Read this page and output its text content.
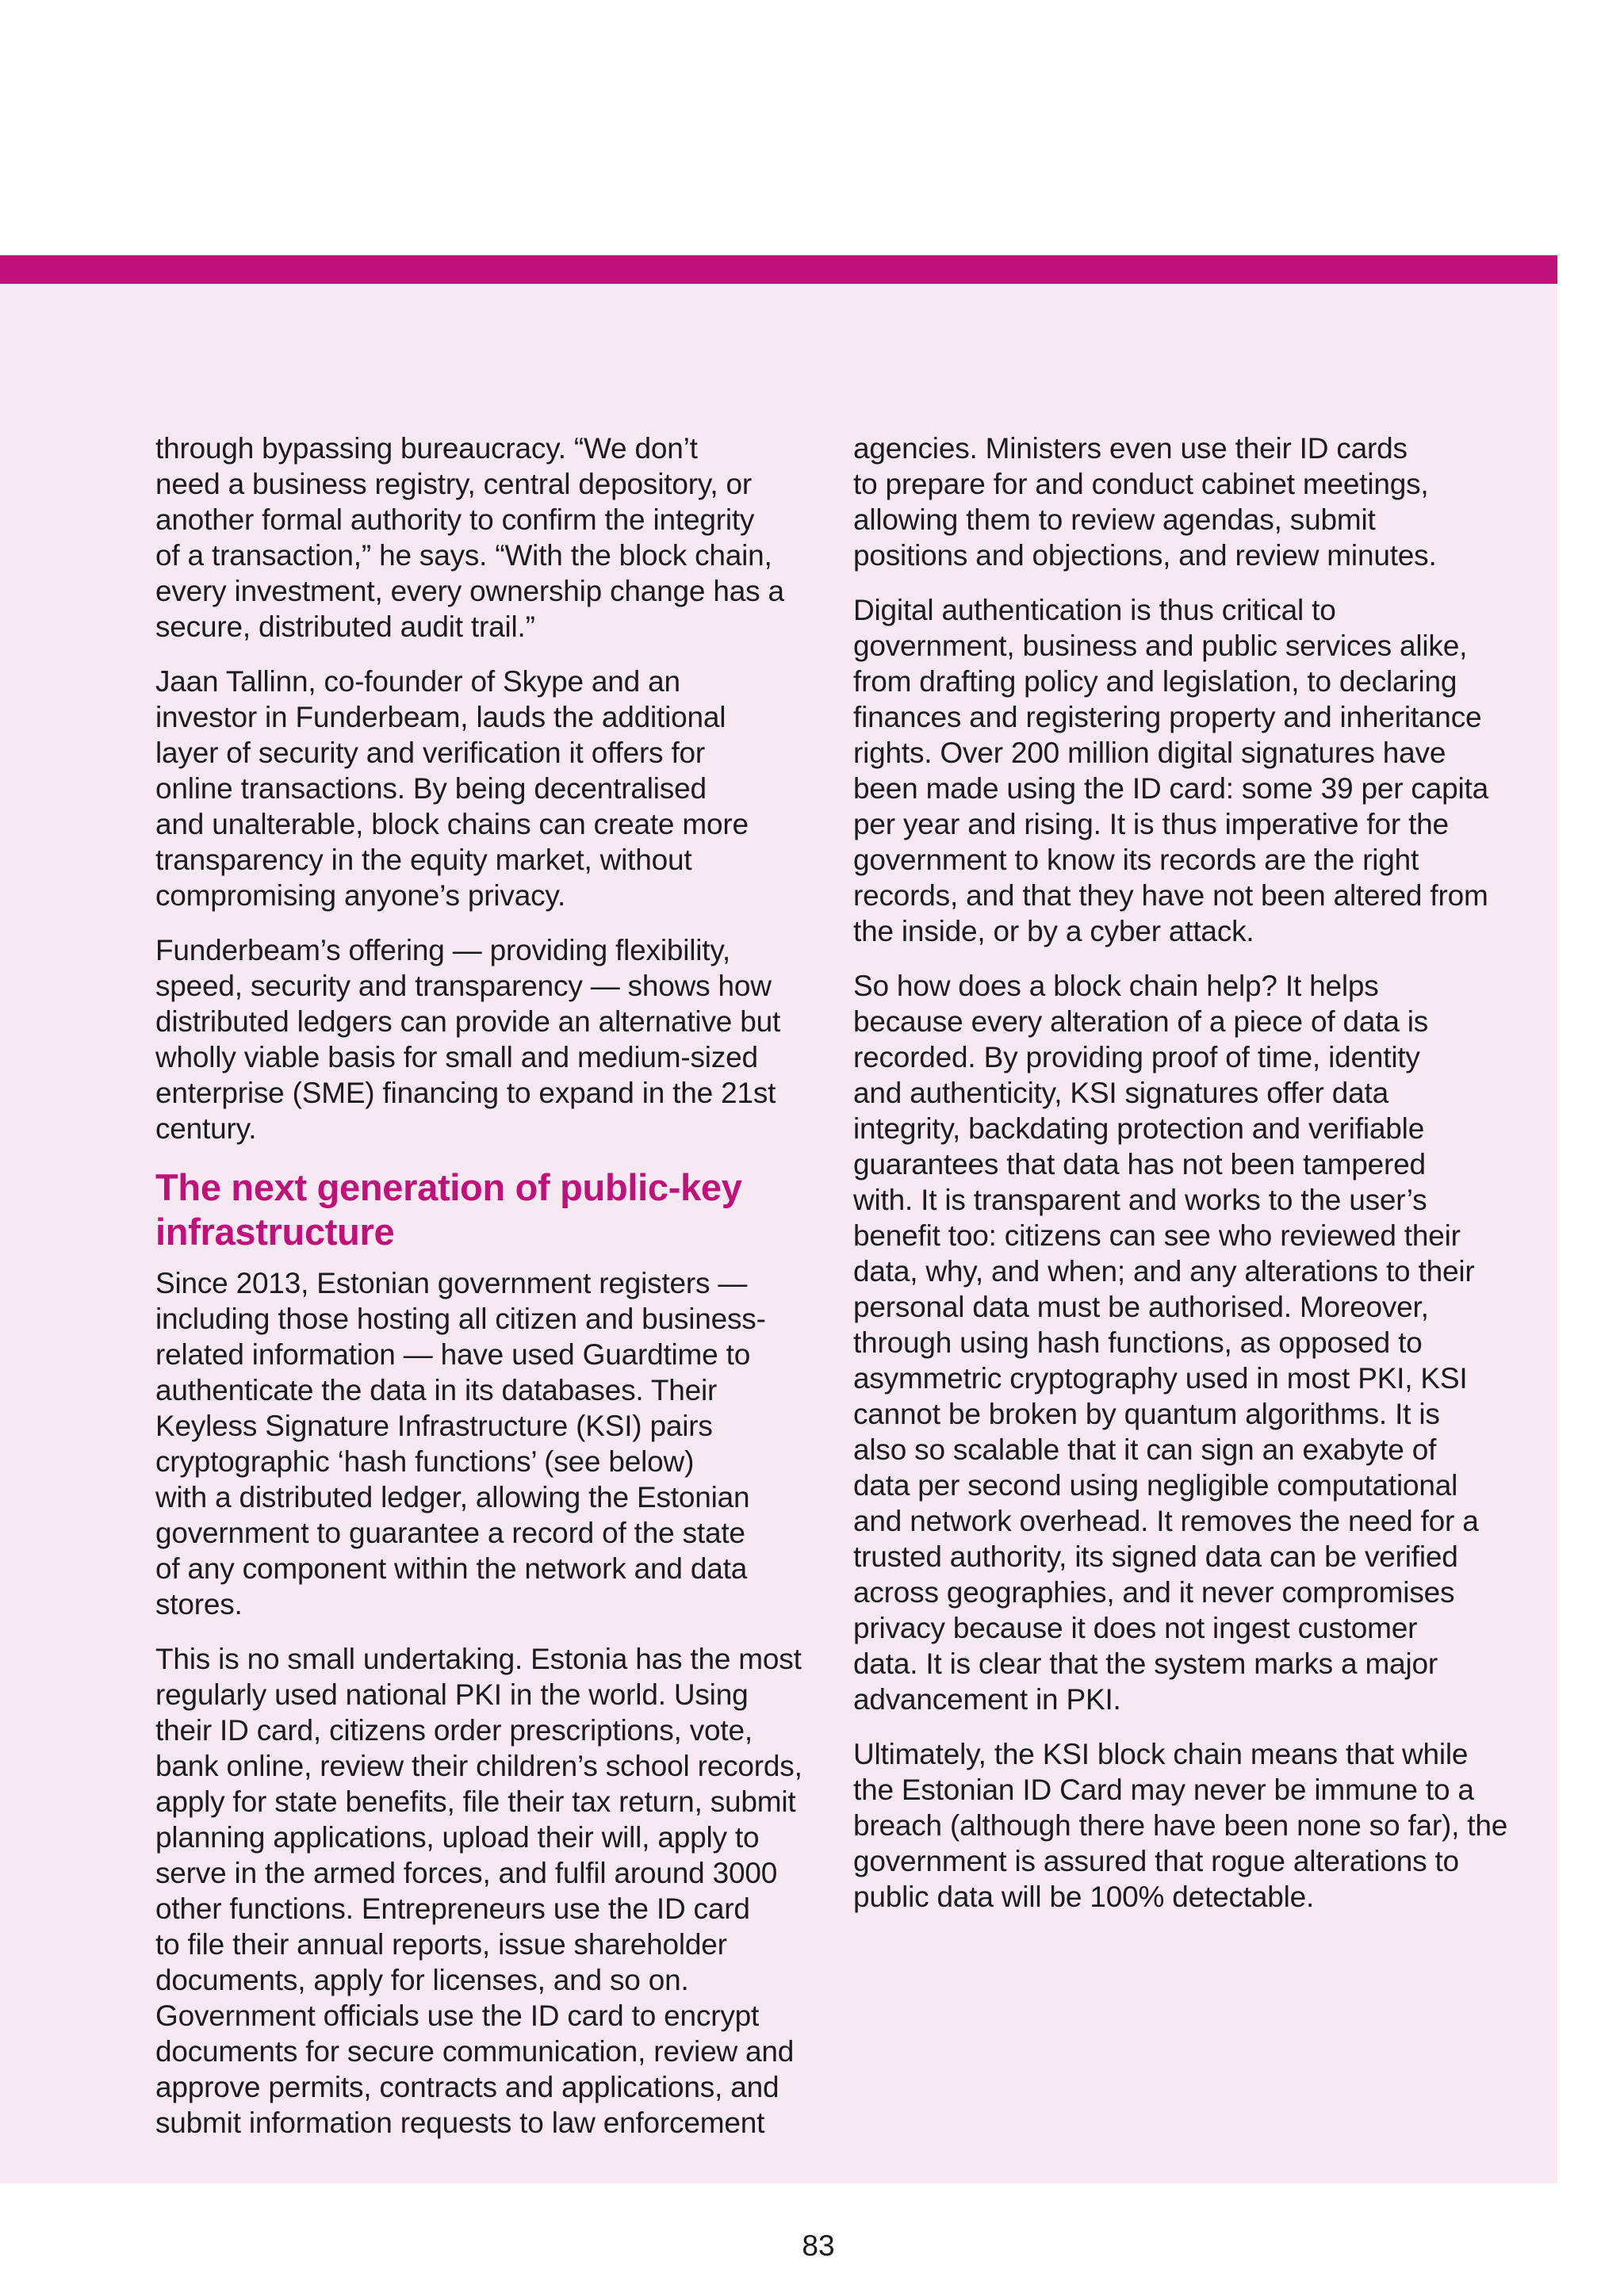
through bypassing bureaucracy. “We don’t
need a business registry, central depository, or
another formal authority to confirm the integrity
of a transaction,” he says. “With the block chain,
every investment, every ownership change has a
secure, distributed audit trail.”

Jaan Tallinn, co-founder of Skype and an
investor in Funderbeam, lauds the additional
layer of security and verification it offers for
online transactions. By being decentralised
and unalterable, block chains can create more
transparency in the equity market, without
compromising anyone’s privacy.

Funderbeam’s offering — providing flexibility,
speed, security and transparency — shows how
distributed ledgers can provide an alternative but
wholly viable basis for small and medium-sized
enterprise (SME) financing to expand in the 21st
century.

The next generation of public-key
infrastructure

Since 2013, Estonian government registers —
including those hosting all citizen and business-
related information — have used Guardtime to
authenticate the data in its databases. Their
Keyless Signature Infrastructure (KSI) pairs
cryptographic ‘hash functions’ (see below)
with a distributed ledger, allowing the Estonian
government to guarantee a record of the state
of any component within the network and data
stores.

This is no small undertaking. Estonia has the most
regularly used national PKI in the world. Using
their ID card, citizens order prescriptions, vote,
bank online, review their children’s school records,
apply for state benefits, file their tax return, submit
planning applications, upload their will, apply to
serve in the armed forces, and fulfil around 3000
other functions. Entrepreneurs use the ID card
to file their annual reports, issue shareholder
documents, apply for licenses, and so on.
Government officials use the ID card to encrypt
documents for secure communication, review and
approve permits, contracts and applications, and
submit information requests to law enforcement

agencies. Ministers even use their ID cards
to prepare for and conduct cabinet meetings,
allowing them to review agendas, submit
positions and objections, and review minutes.

Digital authentication is thus critical to
government, business and public services alike,
from drafting policy and legislation, to declaring
finances and registering property and inheritance
rights. Over 200 million digital signatures have
been made using the ID card: some 39 per capita
per year and rising. It is thus imperative for the
government to know its records are the right
records, and that they have not been altered from
the inside, or by a cyber attack.

So how does a block chain help? It helps
because every alteration of a piece of data is
recorded. By providing proof of time, identity
and authenticity, KSI signatures offer data
integrity, backdating protection and verifiable
guarantees that data has not been tampered
with. It is transparent and works to the user’s
benefit too: citizens can see who reviewed their
data, why, and when; and any alterations to their
personal data must be authorised. Moreover,
through using hash functions, as opposed to
asymmetric cryptography used in most PKI, KSI
cannot be broken by quantum algorithms. It is
also so scalable that it can sign an exabyte of
data per second using negligible computational
and network overhead. It removes the need for a
trusted authority, its signed data can be verified
across geographies, and it never compromises
privacy because it does not ingest customer
data. It is clear that the system marks a major
advancement in PKI.

Ultimately, the KSI block chain means that while
the Estonian ID Card may never be immune to a
breach (although there have been none so far), the
government is assured that rogue alterations to
public data will be 100% detectable.

83
